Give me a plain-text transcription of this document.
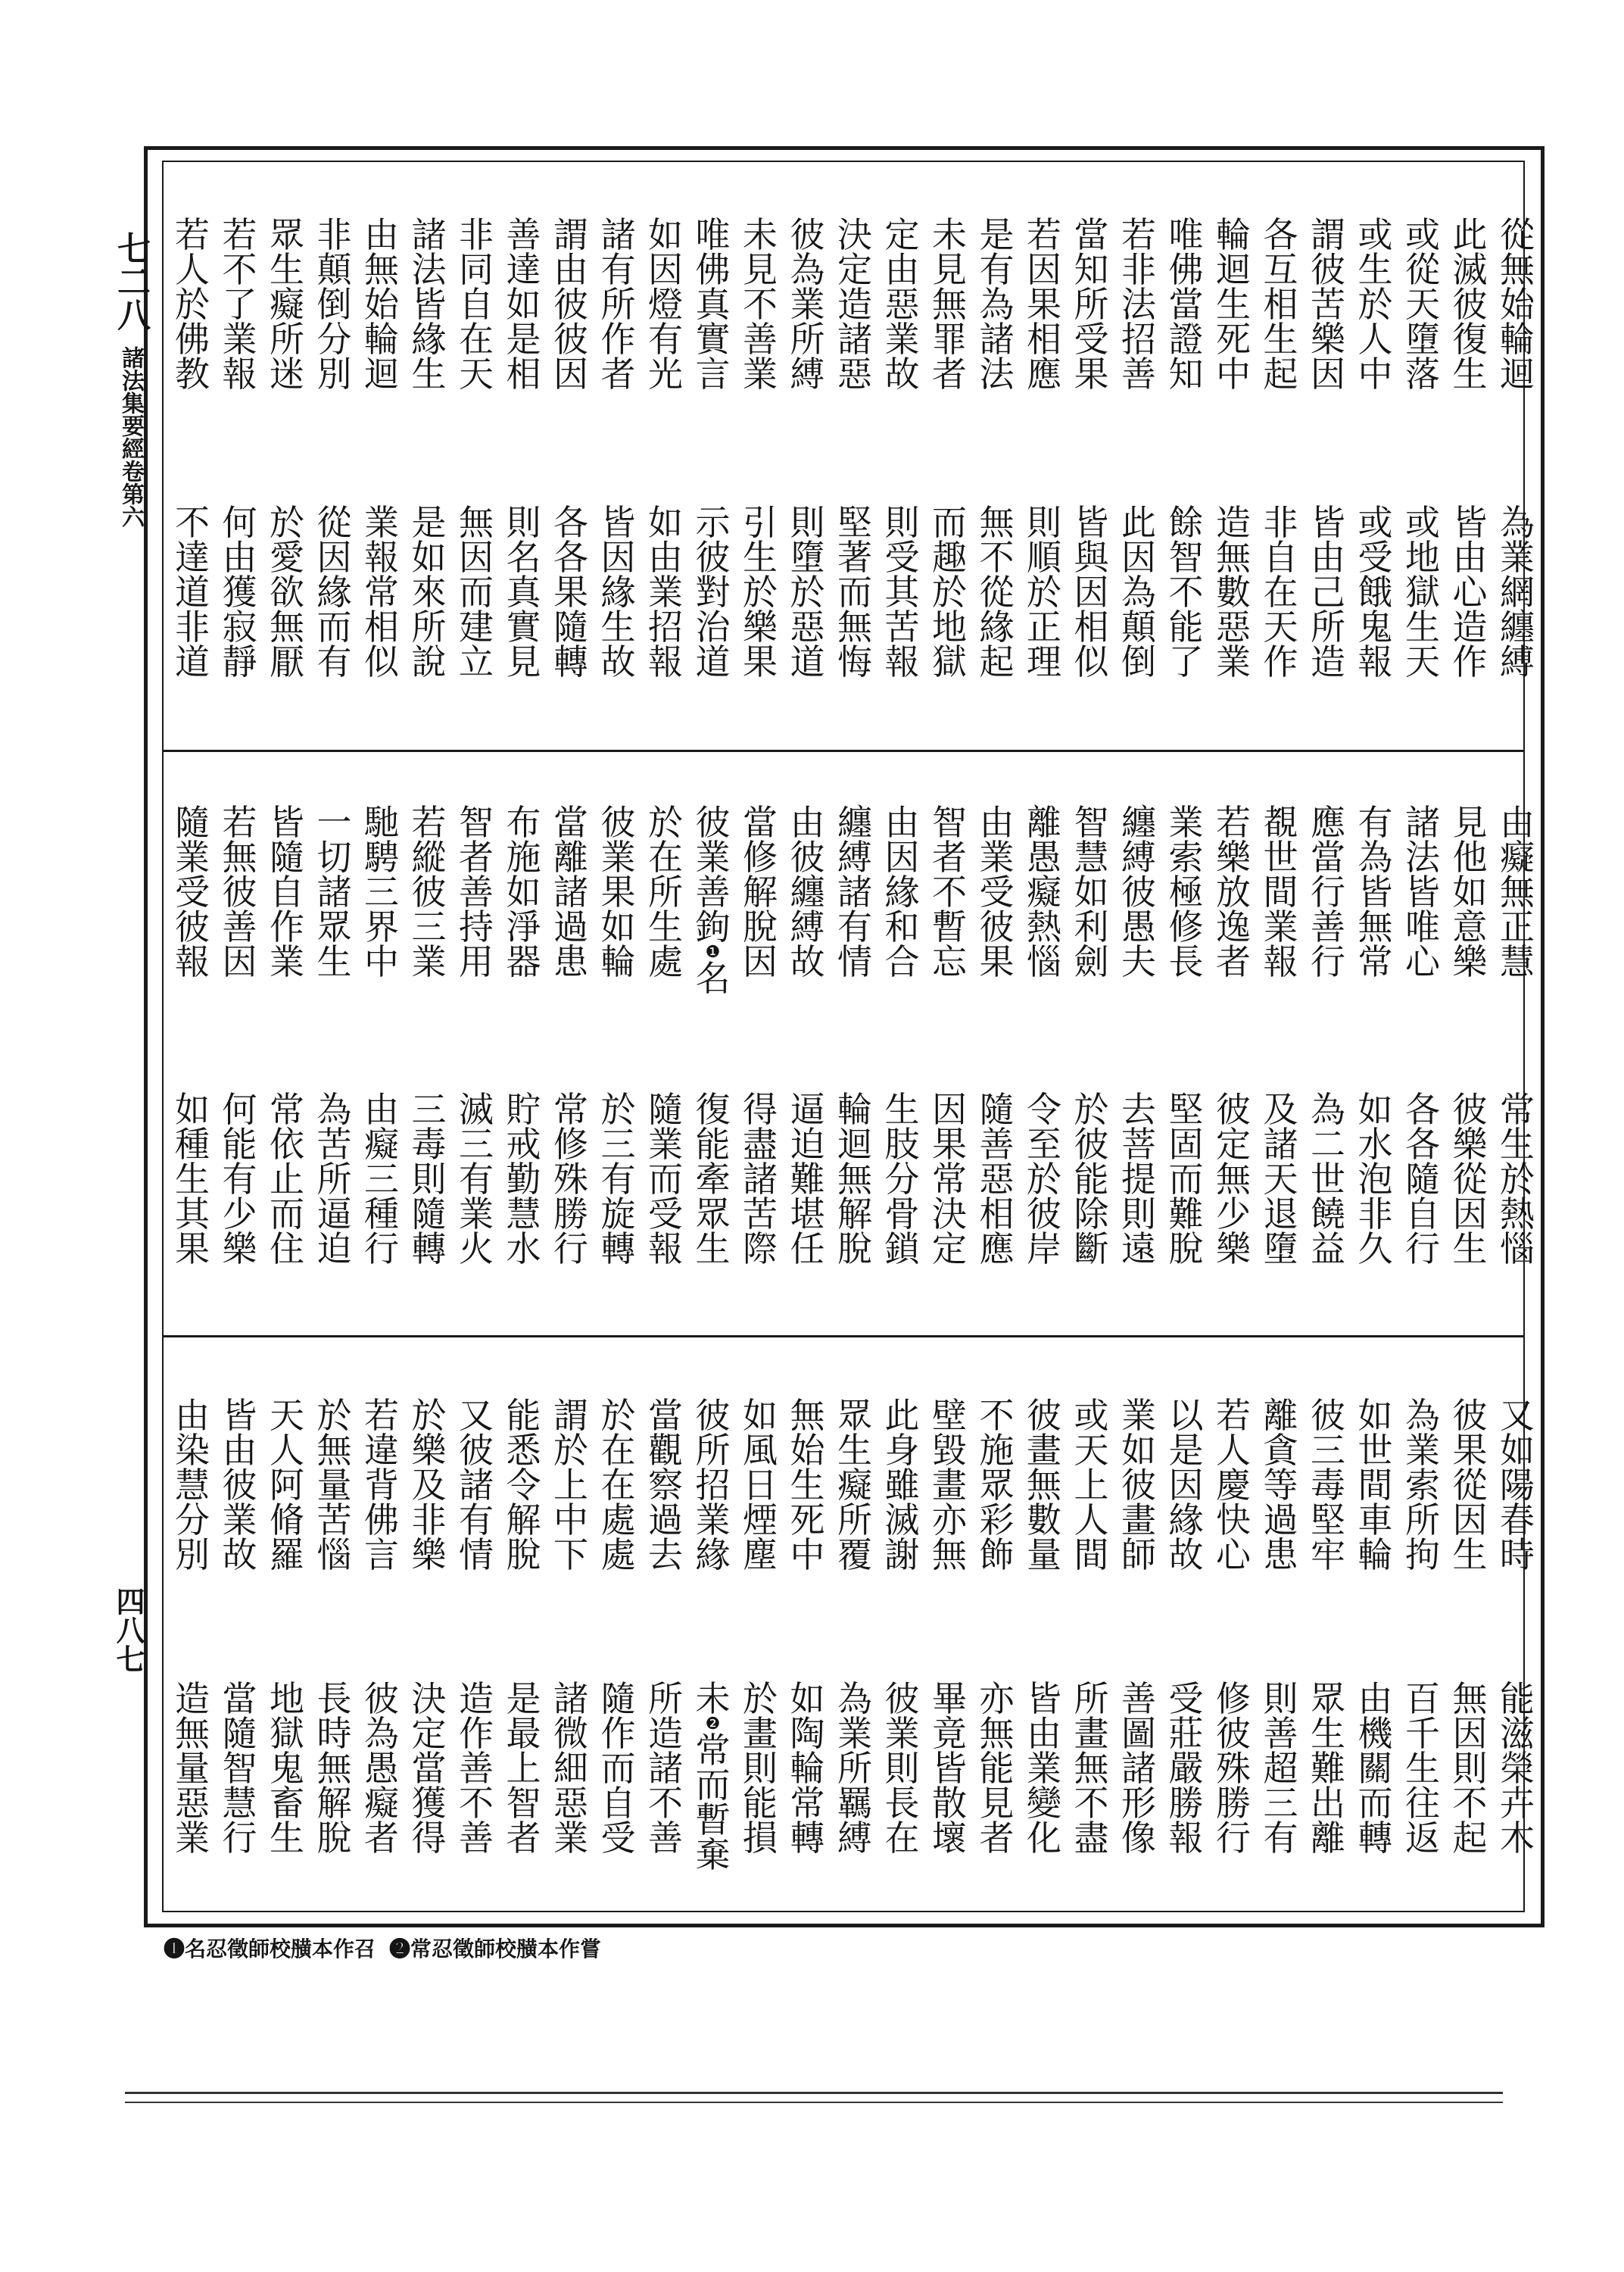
七二八
諸法集要經卷第六
四八七
從
無
始
輪
迴
為
業
網
纏
縛
此
滅
彼
復
生
皆
由
心
造
作
或
從
天
墮
落
或
地
獄
生
天
或
生
於
人
中
或
受
餓
鬼
報
謂
彼
苦
樂
因
皆
由
己
所
造
各
互
相
生
起
非
自
在
天
作
輪
迴
生
死
中
造
無
數
惡
業
唯
佛
當
證
知
餘
智
不
能
了
若
非
法
招
善
此
因
為
顛
倒
當
知
所
受
果
皆
與
因
相
似
若
因
果
相
應
則
順
於
正
理
是
有
為
諸
法
無
不
從
緣
起
未
見
無
罪
者
而
趣
於
地
獄
定
由
惡
業
故
則
受
其
苦
報
決
定
造
諸
惡
堅
著
而
無
悔
彼
為
業
所
縛
則
墮
於
惡
道
未
見
不
善
業
引
生
於
樂
果
唯
佛
真
實
言
示
彼
對
治
道
如
因
燈
有
光
如
由
業
招
報
諸
有
所
作
者
皆
因
緣
生
故
謂
由
彼
彼
因
各
各
果
隨
轉
善
達
如
是
相
則
名
真
實
見
非
同
自
在
天
無
因
而
建
立
諸
法
皆
緣
生
是
如
來
所
說
由
無
始
輪
迴
業
報
常
相
似
非
顛
倒
分
別
從
因
緣
而
有
眾
生
癡
所
迷
於
愛
欲
無
厭
若
不
了
業
報
何
由
獲
寂
靜
若
人
於
佛
教
不
達
道
非
道
由
癡
無
正
慧
常
生
於
熱
惱
見
他
如
意
樂
彼
樂
從
因
生
諸
法
皆
唯
心
各
各
隨
自
行
有
為
皆
無
常
如
水
泡
非
久
應
當
行
善
行
為
二
世
饒
益
覩
世
間
業
報
及
諸
天
退
墮
若
樂
放
逸
者
彼
定
無
少
樂
業
索
極
修
長
堅
固
而
難
脫
纏
縛
彼
愚
夫
去
菩
提
則
遠
智
慧
如
利
劍
於
彼
能
除
斷
離
愚
癡
熱
惱
令
至
於
彼
岸
由
業
受
彼
果
隨
善
惡
相
應
智
者
不
暫
忘
因
果
常
決
定
由
因
緣
和
合
生
肢
分
骨
鎖
纏
縛
諸
有
情
輪
迴
無
解
脫
由
彼
纏
縛
故
逼
迫
難
堪
任
當
修
解
脫
因
得
盡
諸
苦
際
彼
業
善
鉤
❶
名
復
能
牽
眾
生
於
在
所
生
處
隨
業
而
受
報
彼
業
果
如
輪
於
三
有
旋
轉
當
離
諸
過
患
常
修
殊
勝
行
布
施
如
淨
器
貯
戒
勤
慧
水
智
者
善
持
用
滅
三
有
業
火
若
縱
彼
三
業
三
毒
則
隨
轉
馳
騁
三
界
中
由
癡
三
種
行
一
切
諸
眾
生
為
苦
所
逼
迫
皆
隨
自
作
業
常
依
止
而
住
若
無
彼
善
因
何
能
有
少
樂
隨
業
受
彼
報
如
種
生
其
果
又
如
陽
春
時
能
滋
榮
卉
木
彼
果
從
因
生
無
因
則
不
起
為
業
索
所
拘
百
千
生
往
返
如
世
間
車
輪
由
機
關
而
轉
彼
三
毒
堅
牢
眾
生
難
出
離
離
貪
等
過
患
則
善
超
三
有
若
人
慶
快
心
修
彼
殊
勝
行
以
是
因
緣
故
受
莊
嚴
勝
報
業
如
彼
畫
師
善
圖
諸
形
像
或
天
上
人
間
所
畫
無
不
盡
彼
畫
無
數
量
皆
由
業
變
化
不
施
眾
彩
飾
亦
無
能
見
者
壁
毀
畫
亦
無
畢
竟
皆
散
壞
此
身
雖
滅
謝
彼
業
則
長
在
眾
生
癡
所
覆
為
業
所
羈
縛
無
始
生
死
中
如
陶
輪
常
轉
如
風
日
煙
塵
於
畫
則
能
損
彼
所
招
業
緣
未
❷
常
而
暫
棄
當
觀
察
過
去
所
造
諸
不
善
於
在
在
處
處
隨
作
而
自
受
謂
於
上
中
下
諸
微
細
惡
業
能
悉
令
解
脫
是
最
上
智
者
又
彼
諸
有
情
造
作
善
不
善
於
樂
及
非
樂
決
定
當
獲
得
若
違
背
佛
言
彼
為
愚
癡
者
於
無
量
苦
惱
長
時
無
解
脫
天
人
阿
脩
羅
地
獄
鬼
畜
生
皆
由
彼
業
故
當
隨
智
慧
行
由
染
慧
分
別
造
無
量
惡
業
❶名忍徵師校䵊本作召 ❷常忍徵師校䵊本作嘗
